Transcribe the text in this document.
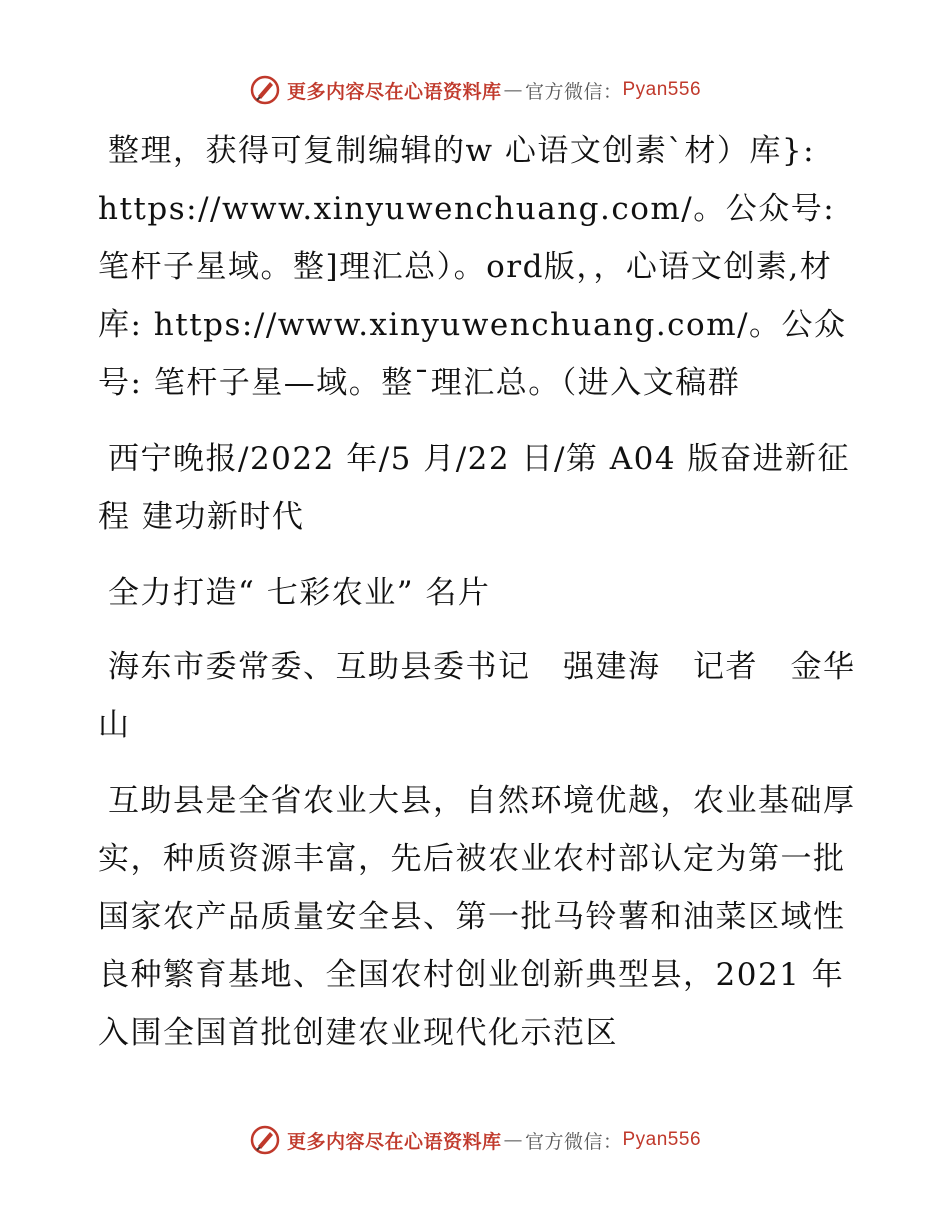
更多内容尽在心语资料库 — 官方微信： Pyan556

整理，获得可复制编辑的w 心语文创素`材）库}: https://www.xinyuwenchuang.com/。公众号: 笔杆子星域。整]理汇总）。ord版，，心语文创素,材库: https://www.xinyuwenchuang.com/。公众号: 笔杆子星—域。整¯理汇总。（进入文稿群

西宁晚报/2022 年/5 月/22 日/第 A04 版奋进新征程 建功新时代

全力打造“ 七彩农业” 名片

海东市委常委、互助县委书记　强建海　记者　金华山

互助县是全省农业大县，自然环境优越，农业基础厚实，种质资源丰富，先后被农业农村部认定为第一批国家农产品质量安全县、第一批马铃薯和油菜区域性良种繁育基地、全国农村创业创新典型县，2021 年入围全国首批创建农业现代化示范区

更多内容尽在心语资料库 — 官方微信： Pyan556
